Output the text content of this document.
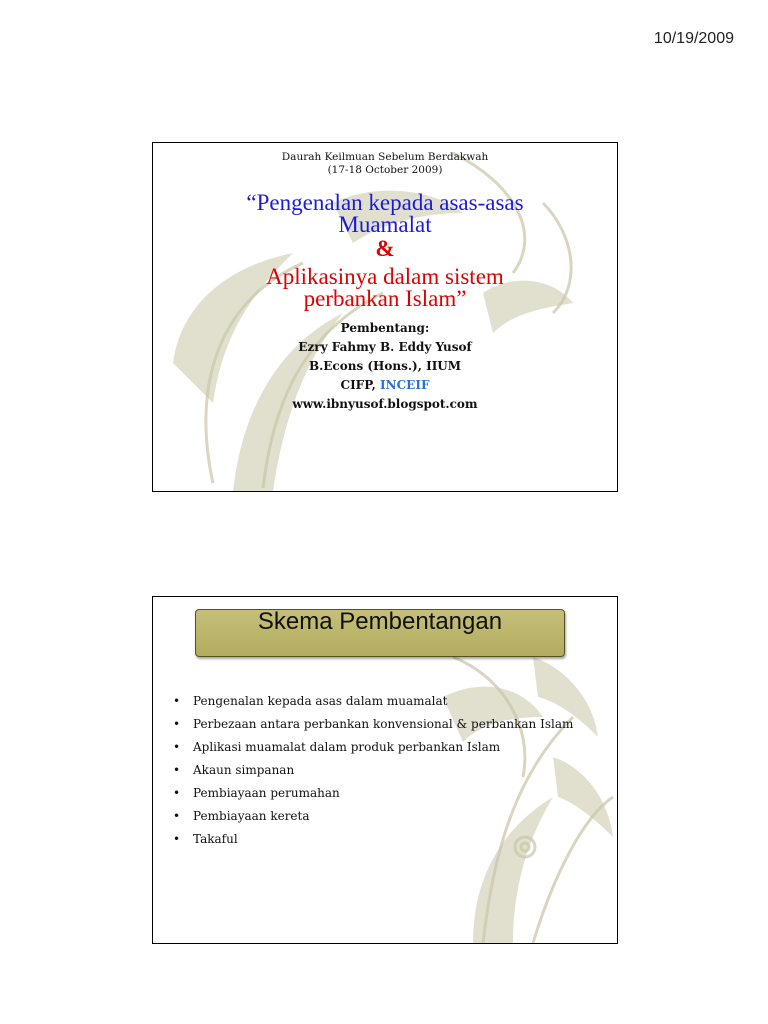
10/19/2009
Daurah Keilmuan Sebelum Berdakwah
(17-18 October 2009)
“Pengenalan kepada asas-asas
Muamalat
&
Aplikasinya dalam sistem
perbankan Islam”
Pembentang:
Ezry Fahmy B. Eddy Yusof
B.Econs (Hons.), IIUM
CIFP, INCEIF
www.ibnyusof.blogspot.com
Skema Pembentangan
• Pengenalan kepada asas dalam muamalat
• Perbezaan antara perbankan konvensional & perbankan Islam
• Aplikasi muamalat dalam produk perbankan Islam
• Akaun simpanan
• Pembiayaan perumahan
• Pembiayaan kereta
• Takaful
